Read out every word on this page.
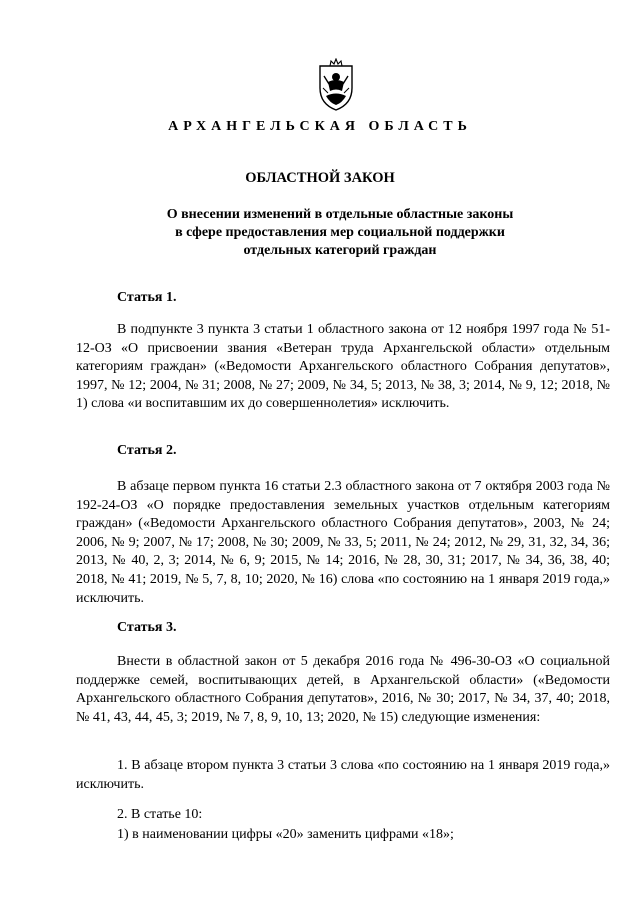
АРХАНГЕЛЬСКАЯ ОБЛАСТЬ
ОБЛАСТНОЙ ЗАКОН
О внесении изменений в отдельные областные законы
в сфере предоставления мер социальной поддержки
отдельных категорий граждан
Статья 1.
В подпункте 3 пункта 3 статьи 1 областного закона от 12 ноября 1997 года № 51-12-ОЗ «О присвоении звания «Ветеран труда Архангельской области» отдельным категориям граждан» («Ведомости Архангельского областного Собрания депутатов», 1997, № 12; 2004, № 31; 2008, № 27; 2009, № 34, 5; 2013, № 38, 3; 2014, № 9, 12; 2018, № 1) слова «и воспитавшим их до совершеннолетия» исключить.
Статья 2.
В абзаце первом пункта 16 статьи 2.3 областного закона от 7 октября 2003 года № 192-24-ОЗ «О порядке предоставления земельных участков отдельным категориям граждан» («Ведомости Архангельского областного Собрания депутатов», 2003, № 24; 2006, № 9; 2007, № 17; 2008, № 30; 2009, № 33, 5; 2011, № 24; 2012, № 29, 31, 32, 34, 36; 2013, № 40, 2, 3; 2014, № 6, 9; 2015, № 14; 2016, № 28, 30, 31; 2017, № 34, 36, 38, 40; 2018, № 41; 2019, № 5, 7, 8, 10; 2020, № 16) слова «по состоянию на 1 января 2019 года,» исключить.
Статья 3.
Внести в областной закон от 5 декабря 2016 года № 496-30-ОЗ «О социальной поддержке семей, воспитывающих детей, в Архангельской области» («Ведомости Архангельского областного Собрания депутатов», 2016, № 30; 2017, № 34, 37, 40; 2018, № 41, 43, 44, 45, 3; 2019, № 7, 8, 9, 10, 13; 2020, № 15) следующие изменения:
1. В абзаце втором пункта 3 статьи 3 слова «по состоянию на 1 января 2019 года,» исключить.
2. В статье 10:
1) в наименовании цифры «20» заменить цифрами «18»;
